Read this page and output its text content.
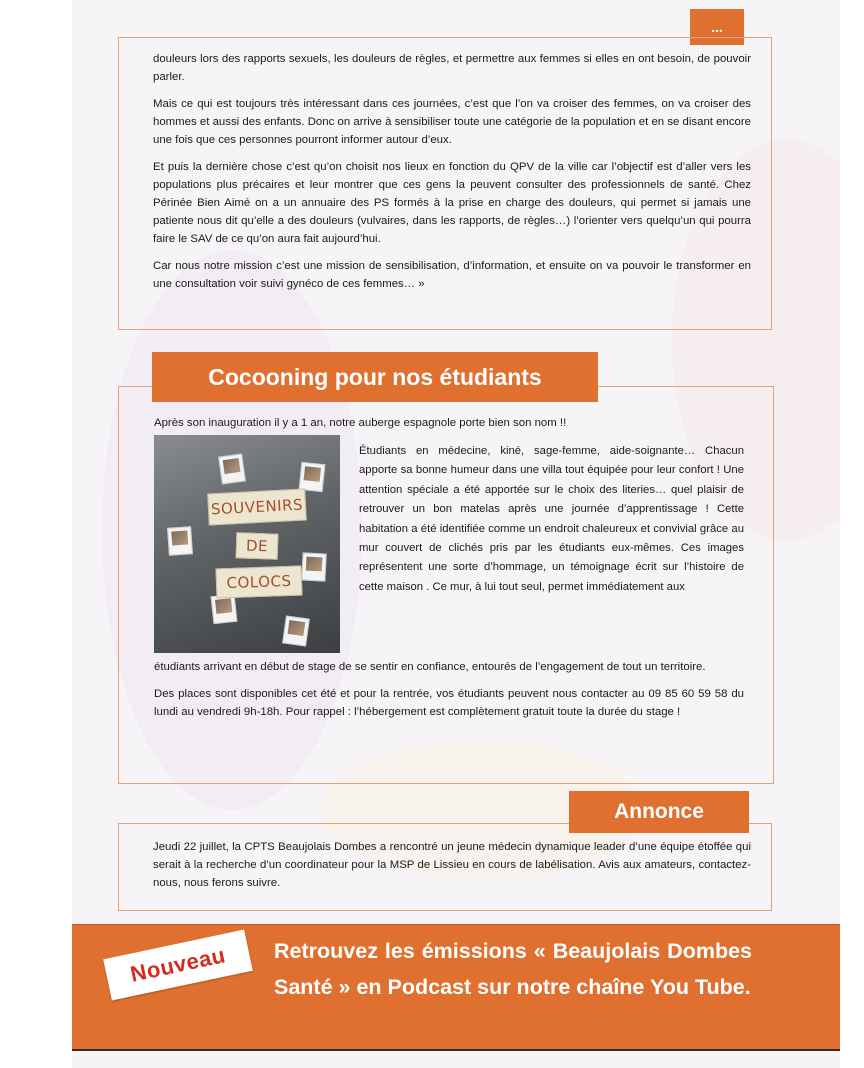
...

douleurs lors des rapports sexuels, les douleurs de règles, et permettre aux femmes si elles en ont besoin, de pouvoir parler.

Mais ce qui est toujours très intéressant dans ces journées, c’est que l’on va croiser des femmes, on va croiser des hommes et aussi des enfants. Donc on arrive à sensibiliser toute une catégorie de la population et en se disant encore une fois que ces personnes pourront informer autour d’eux.

Et puis la dernière chose c’est qu’on choisit nos lieux en fonction du QPV de la ville car l’objectif est d’aller vers les populations plus précaires et leur montrer que ces gens la peuvent consulter des professionnels de santé. Chez Périnée Bien Aimé on a un annuaire des PS formés à la prise en charge des douleurs, qui permet si jamais une patiente nous dit qu’elle a des douleurs (vulvaires, dans les rapports, de règles…) l’orienter vers quelqu’un qui pourra faire le SAV de ce qu’on aura fait aujourd’hui.

Car nous notre mission c’est une mission de sensibilisation, d’information, et ensuite on va pouvoir le transformer en une consultation voir suivi gynéco de ces femmes… »

Cocooning pour nos étudiants
Après son inauguration il y a 1 an, notre auberge espagnole porte bien son nom !!
SOUVENIRS
DE
COLOCS
Étudiants en médecine, kiné, sage-femme, aide-soignante… Chacun apporte sa bonne humeur dans une villa tout équipée pour leur confort ! Une attention spéciale a été apportée sur le choix des literies… quel plaisir de retrouver un bon matelas après une journée d’apprentissage ! Cette habitation a été identifiée comme un endroit chaleureux et convivial grâce au mur couvert de clichés pris par les étudiants eux-mêmes. Ces images représentent une sorte d’hommage, un témoignage écrit sur l’histoire de cette maison . Ce mur, à lui tout seul, permet immédiatement aux

étudiants arrivant en début de stage de se sentir en confiance, entourés de l’engagement de tout un territoire.

Des places sont disponibles cet été et pour la rentrée, vos étudiants peuvent nous contacter au 09 85 60 59 58 du lundi au vendredi 9h-18h. Pour rappel : l’hébergement est complètement gratuit toute la durée du stage !

Jeudi 22 juillet, la CPTS Beaujolais Dombes a rencontré un jeune médecin dynamique leader d’une équipe étoffée qui serait à la recherche d’un coordinateur pour la MSP de Lissieu en cours de labélisation. Avis aux amateurs, contactez-nous, nous ferons suivre.
Annonce
Retrouvez les émissions « Beaujolais Dombes Santé » en Podcast sur notre chaîne You Tube.
Nouveau
